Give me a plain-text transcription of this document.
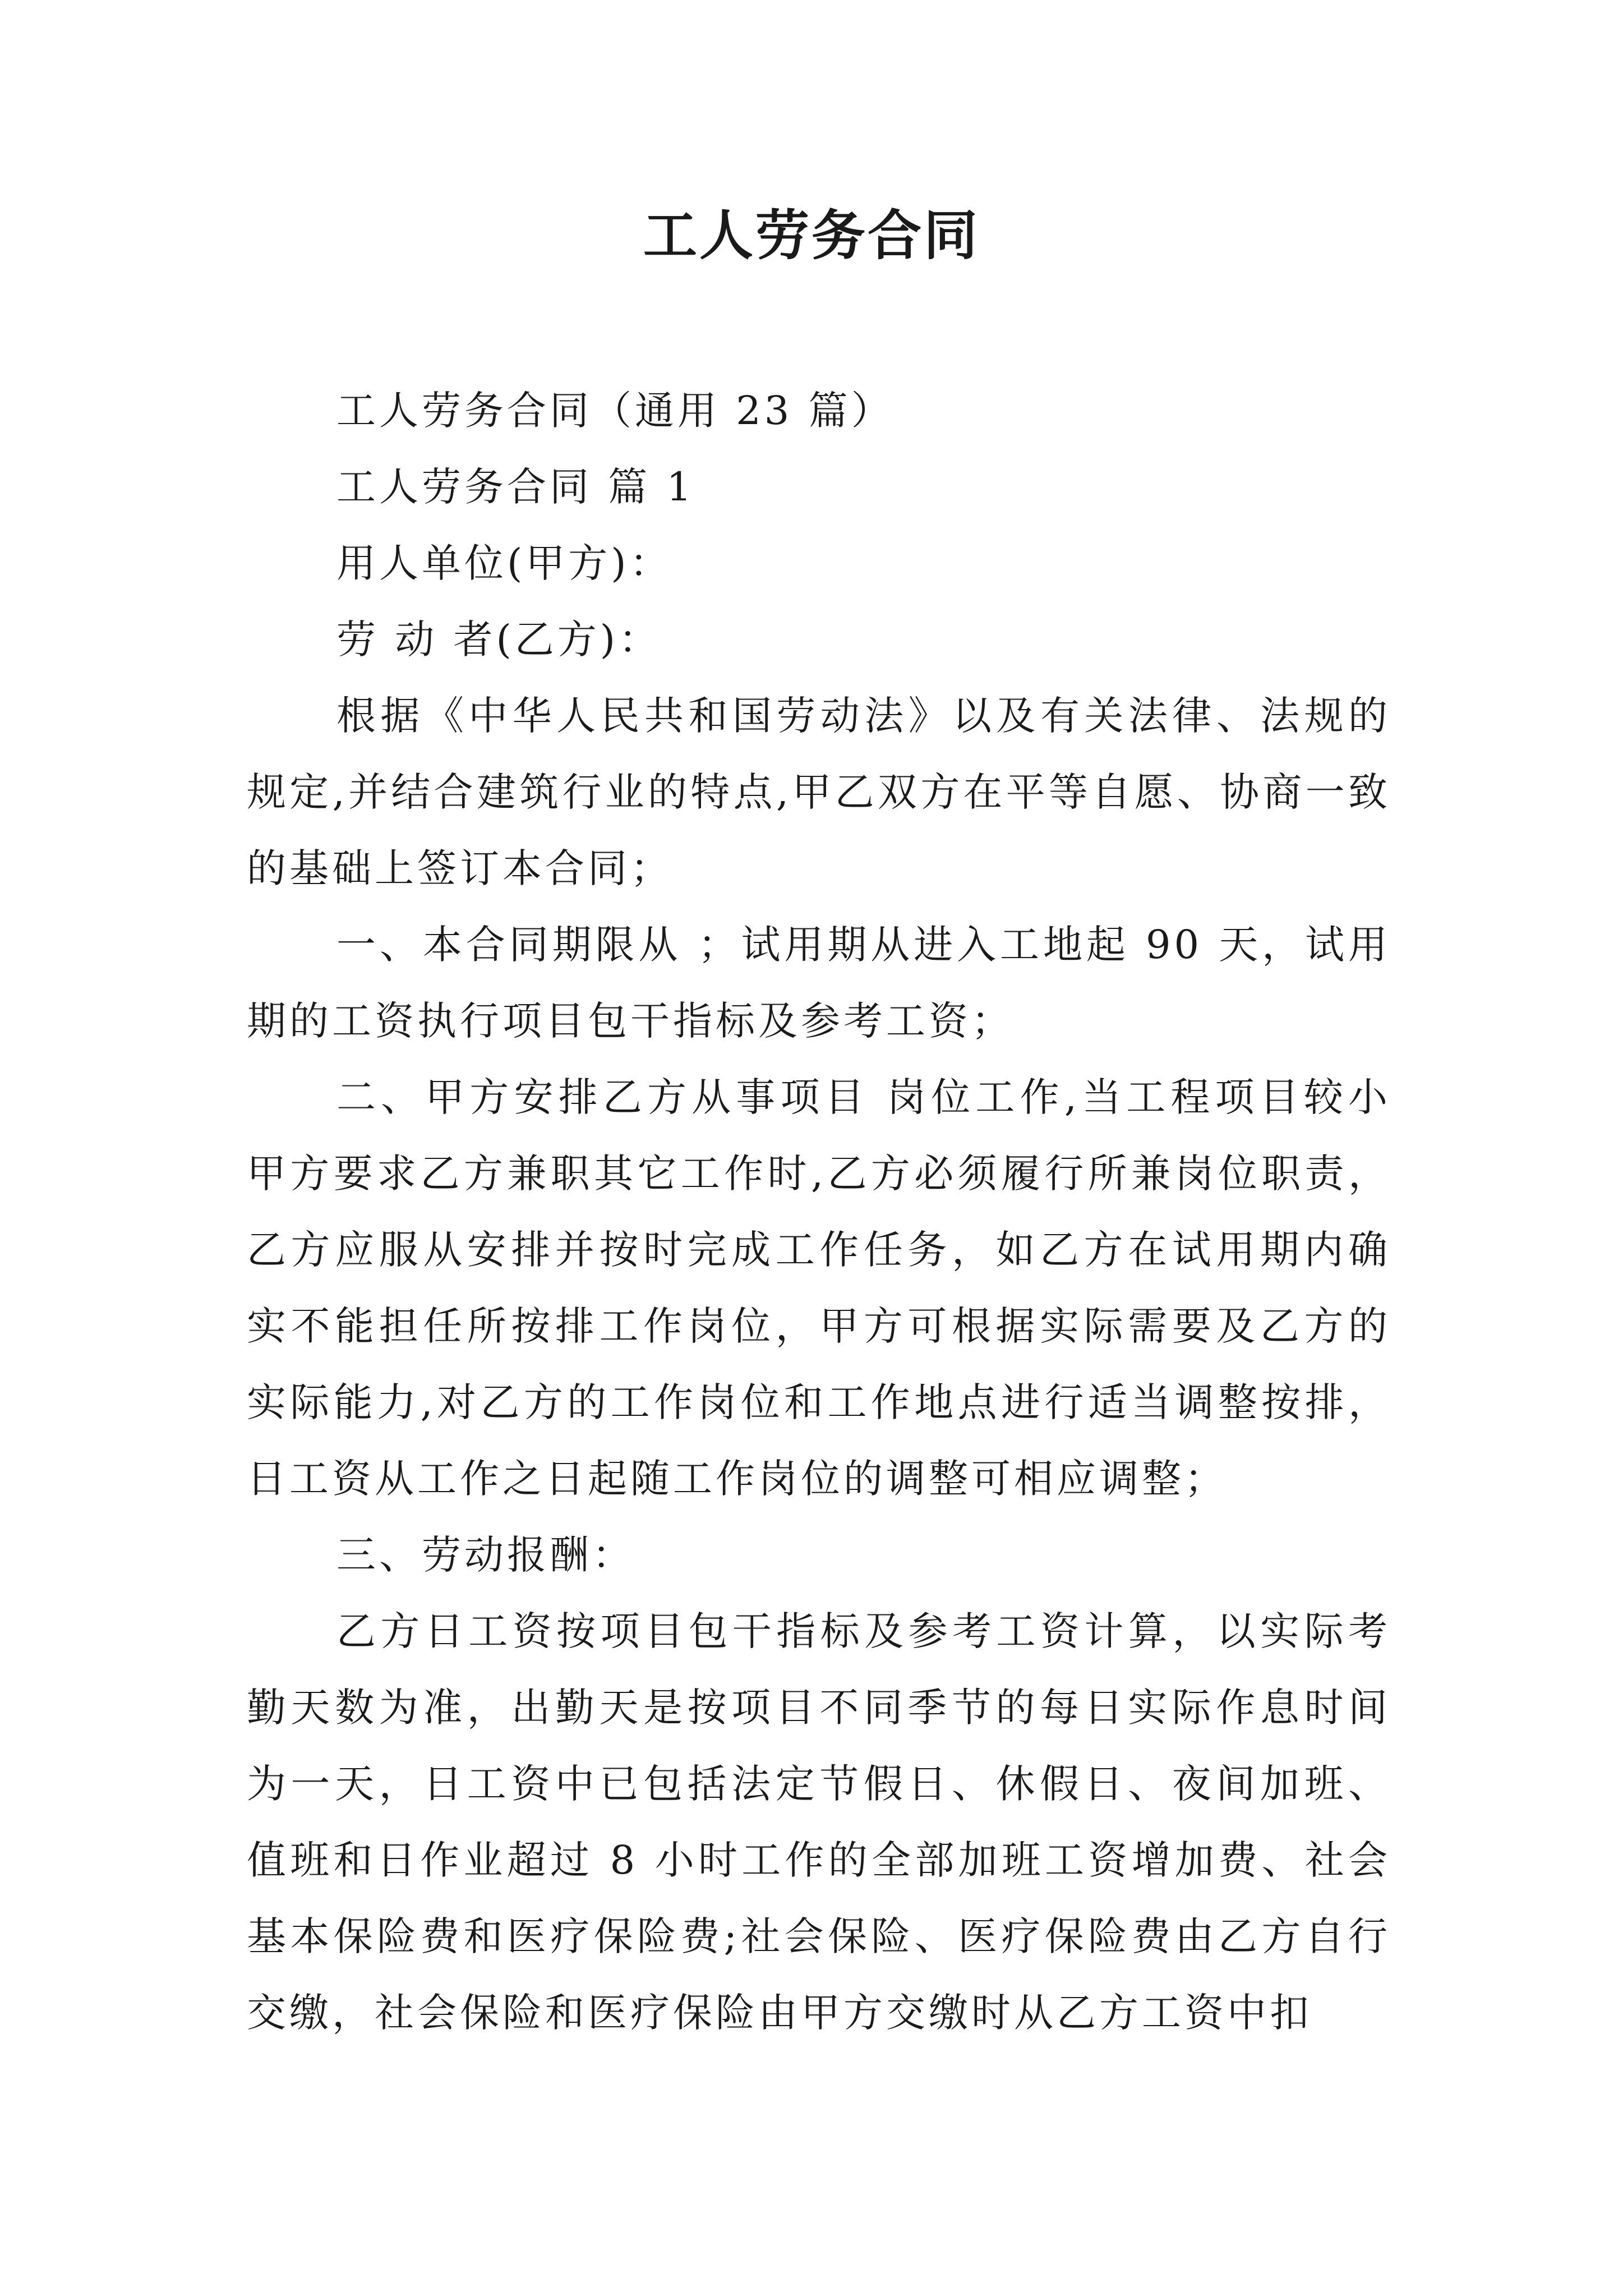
工人劳务合同

工人劳务合同（通用 23 篇）

工人劳务合同 篇 1

用人单位(甲方)：

劳 动 者(乙方)：

根据《中华人民共和国劳动法》以及有关法律、法规的规定,并结合建筑行业的特点,甲乙双方在平等自愿、协商一致的基础上签订本合同；

一、本合同期限从 ；试用期从进入工地起 90 天，试用期的工资执行项目包干指标及参考工资；

二、甲方安排乙方从事项目 岗位工作,当工程项目较小甲方要求乙方兼职其它工作时,乙方必须履行所兼岗位职责，乙方应服从安排并按时完成工作任务，如乙方在试用期内确实不能担任所按排工作岗位，甲方可根据实际需要及乙方的实际能力,对乙方的工作岗位和工作地点进行适当调整按排，日工资从工作之日起随工作岗位的调整可相应调整；

三、劳动报酬：

乙方日工资按项目包干指标及参考工资计算，以实际考勤天数为准，出勤天是按项目不同季节的每日实际作息时间为一天，日工资中已包括法定节假日、休假日、夜间加班、值班和日作业超过 8 小时工作的全部加班工资增加费、社会基本保险费和医疗保险费;社会保险、医疗保险费由乙方自行交缴，社会保险和医疗保险由甲方交缴时从乙方工资中扣
